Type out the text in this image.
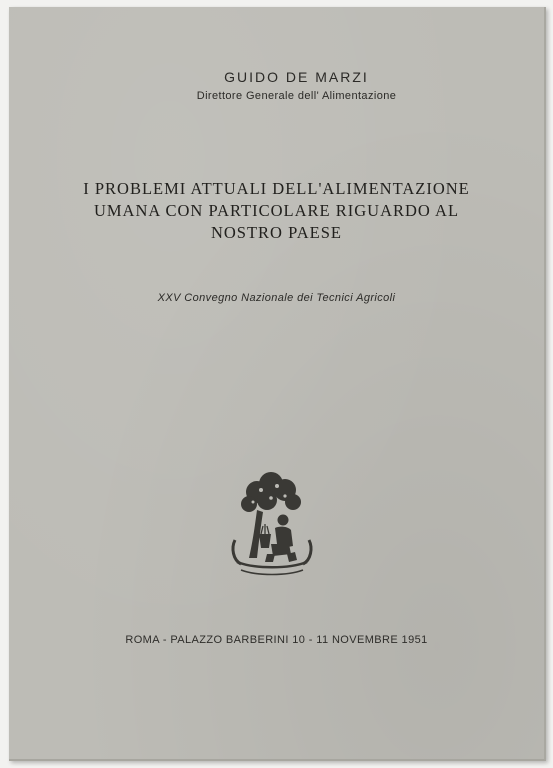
GUIDO DE MARZI
Direttore Generale dell' Alimentazione
I PROBLEMI ATTUALI DELL'ALIMENTAZIONE
UMANA CON PARTICOLARE RIGUARDO AL
NOSTRO PAESE
XXV Convegno Nazionale dei Tecnici Agricoli
ROMA - PALAZZO BARBERINI 10 - 11 NOVEMBRE 1951
